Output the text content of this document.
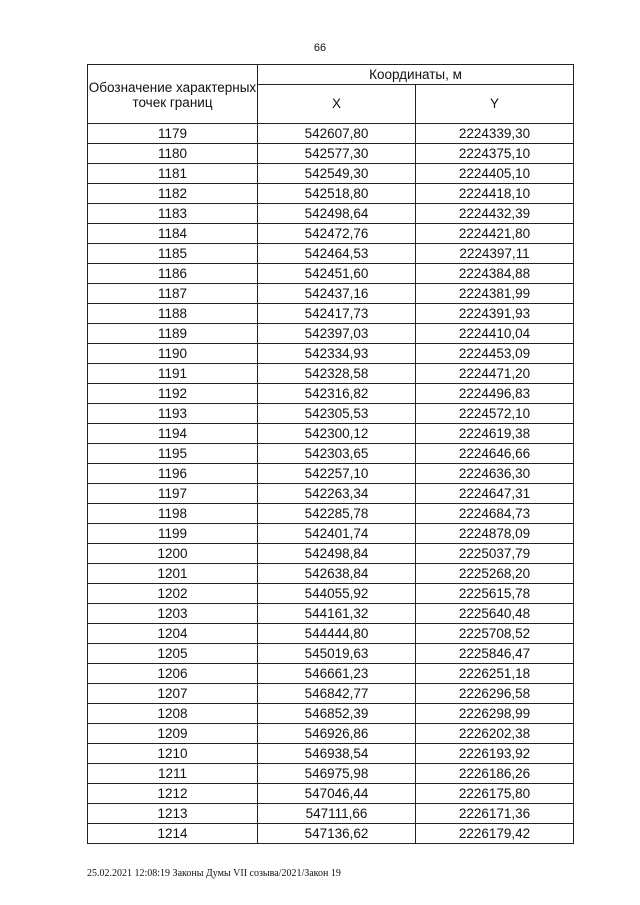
66
Обозначение характерных точек границ	Координаты, м	
	X	Y
1179	542607,80	2224339,30
1180	542577,30	2224375,10
1181	542549,30	2224405,10
1182	542518,80	2224418,10
1183	542498,64	2224432,39
1184	542472,76	2224421,80
1185	542464,53	2224397,11
1186	542451,60	2224384,88
1187	542437,16	2224381,99
1188	542417,73	2224391,93
1189	542397,03	2224410,04
1190	542334,93	2224453,09
1191	542328,58	2224471,20
1192	542316,82	2224496,83
1193	542305,53	2224572,10
1194	542300,12	2224619,38
1195	542303,65	2224646,66
1196	542257,10	2224636,30
1197	542263,34	2224647,31
1198	542285,78	2224684,73
1199	542401,74	2224878,09
1200	542498,84	2225037,79
1201	542638,84	2225268,20
1202	544055,92	2225615,78
1203	544161,32	2225640,48
1204	544444,80	2225708,52
1205	545019,63	2225846,47
1206	546661,23	2226251,18
1207	546842,77	2226296,58
1208	546852,39	2226298,99
1209	546926,86	2226202,38
1210	546938,54	2226193,92
1211	546975,98	2226186,26
1212	547046,44	2226175,80
1213	547111,66	2226171,36
1214	547136,62	2226179,42
25.02.2021 12:08:19 Законы Думы VII созыва/2021/Закон 19
